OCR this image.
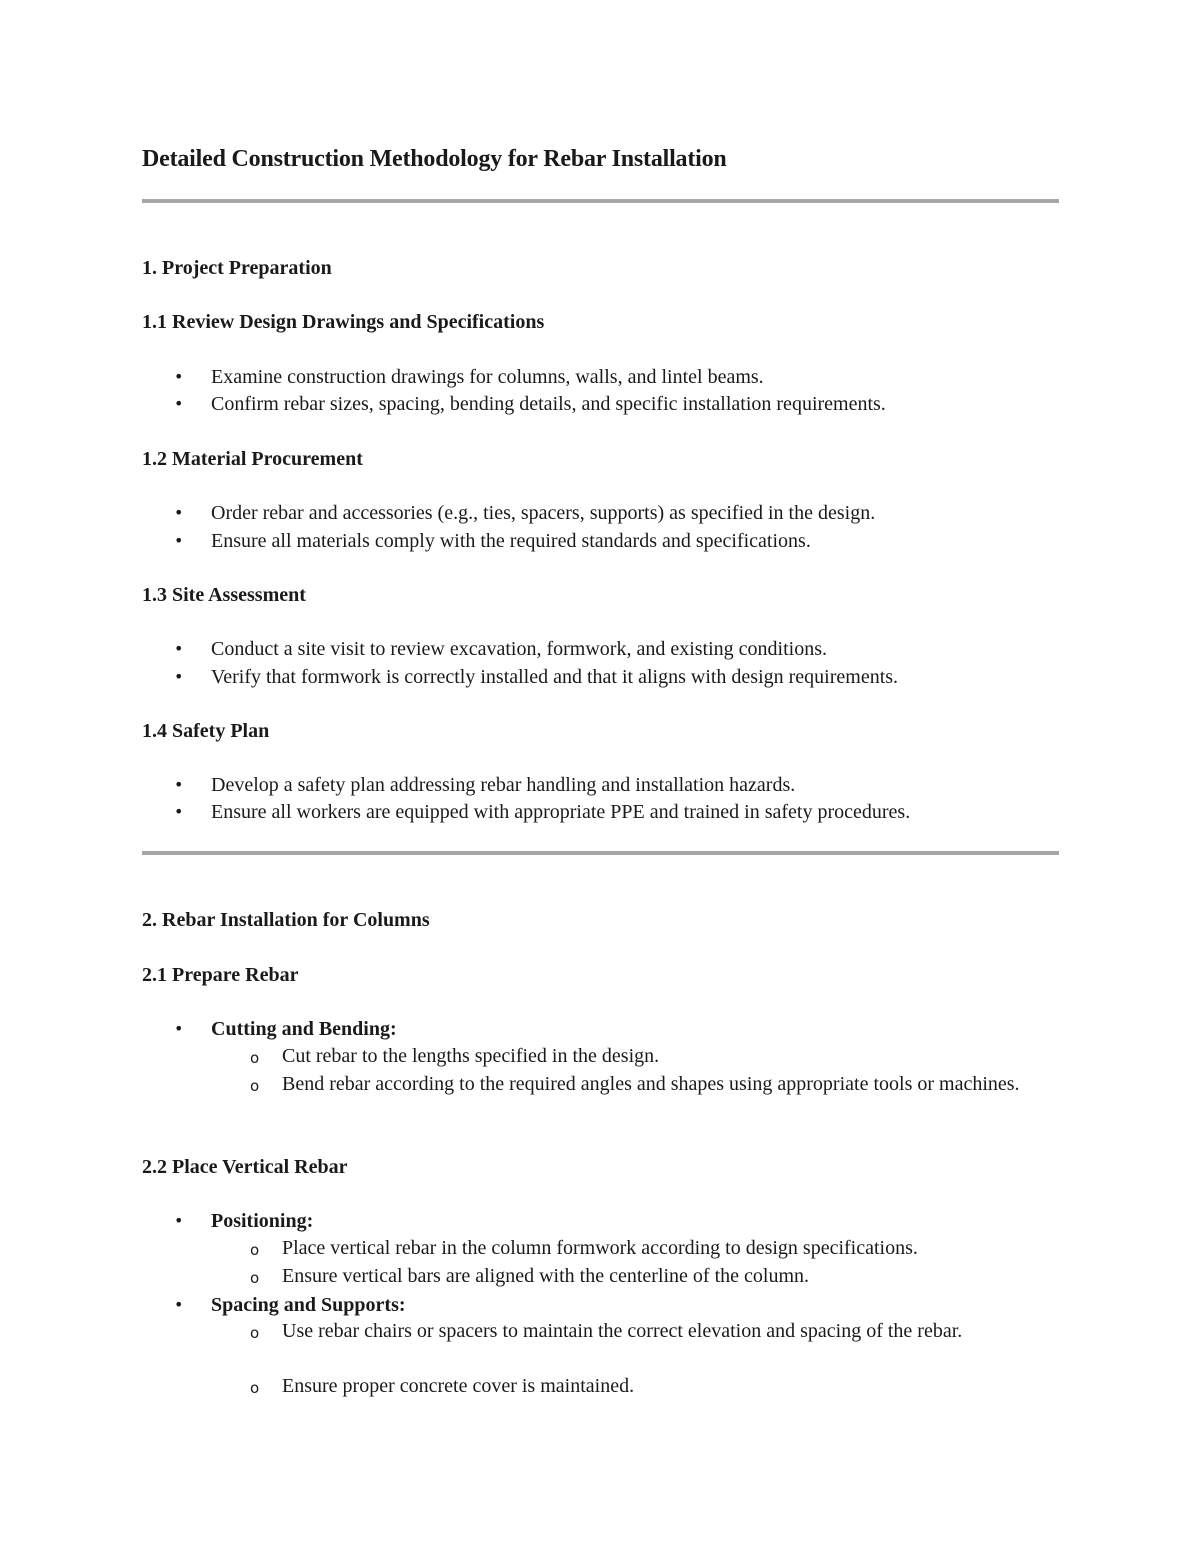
Detailed Construction Methodology for Rebar Installation
1. Project Preparation
1.1 Review Design Drawings and Specifications
• Examine construction drawings for columns, walls, and lintel beams.

• Confirm rebar sizes, spacing, bending details, and specific installation requirements.

1.2 Material Procurement
• Order rebar and accessories (e.g., ties, spacers, supports) as specified in the design.

• Ensure all materials comply with the required standards and specifications.

1.3 Site Assessment
• Conduct a site visit to review excavation, formwork, and existing conditions.

• Verify that formwork is correctly installed and that it aligns with design requirements.

1.4 Safety Plan
• Develop a safety plan addressing rebar handling and installation hazards.

• Ensure all workers are equipped with appropriate PPE and trained in safety procedures.

2. Rebar Installation for Columns
2.1 Prepare Rebar
• Cutting and Bending:

o Cut rebar to the lengths specified in the design.

o Bend rebar according to the required angles and shapes using appropriate tools or machines.

2.2 Place Vertical Rebar
• Positioning:

o Place vertical rebar in the column formwork according to design specifications.

o Ensure vertical bars are aligned with the centerline of the column.

• Spacing and Supports:

o Use rebar chairs or spacers to maintain the correct elevation and spacing of the rebar.

o Ensure proper concrete cover is maintained.
